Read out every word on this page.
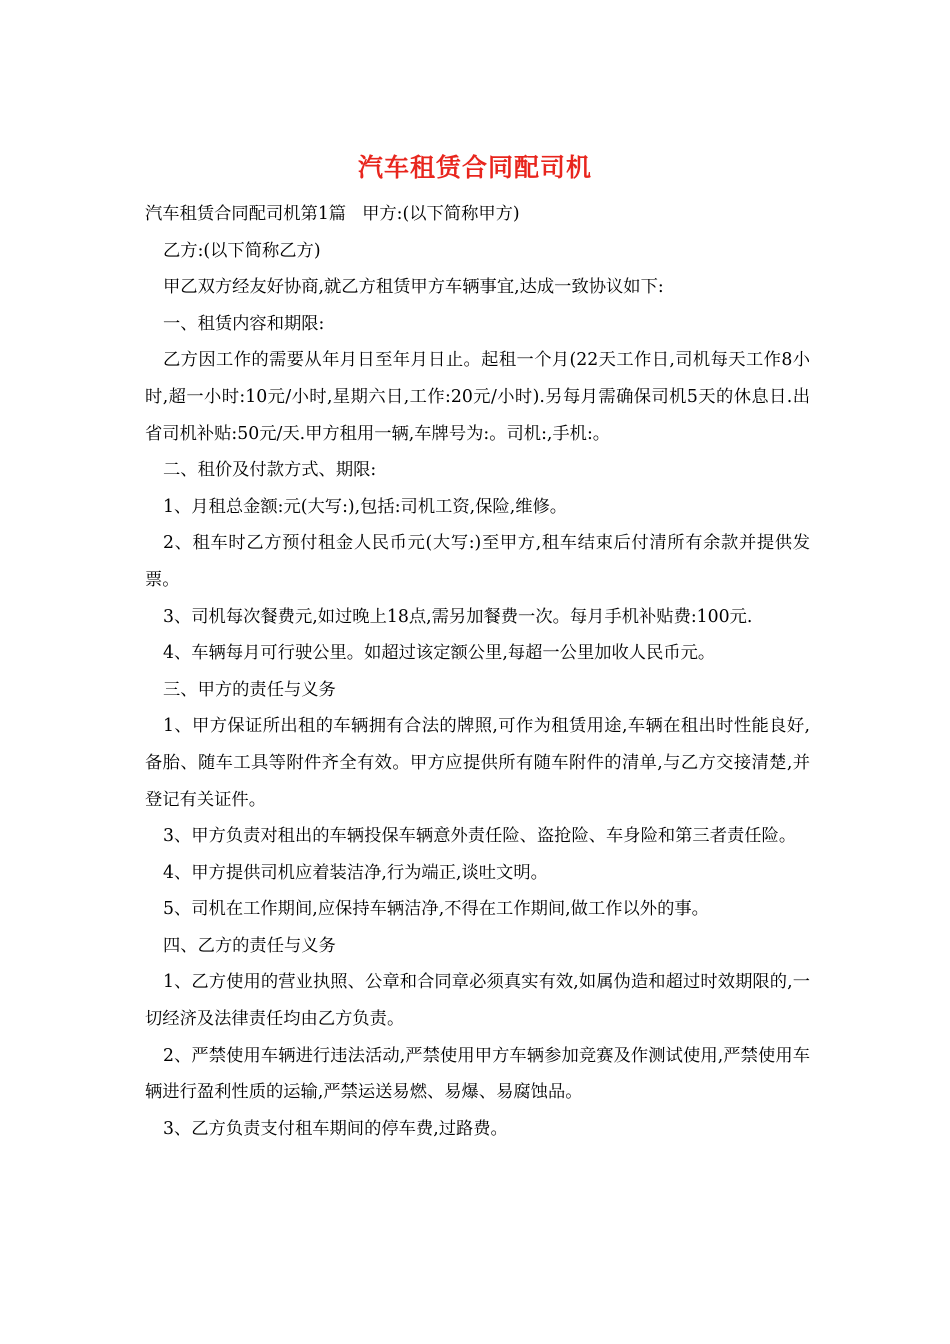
汽车租赁合同配司机

汽车租赁合同配司机第1篇 甲方:(以下简称甲方)

乙方:(以下简称乙方)

甲乙双方经友好协商,就乙方租赁甲方车辆事宜,达成一致协议如下:

一、租赁内容和期限:

乙方因工作的需要从年月日至年月日止。起租一个月(22天工作日,司机每天工作8小时,超一小时:10元/小时,星期六日,工作:20元/小时).另每月需确保司机5天的休息日.出省司机补贴:50元/天.甲方租用一辆,车牌号为:。司机:,手机:。

二、租价及付款方式、期限:

1、月租总金额:元(大写:),包括:司机工资,保险,维修。

2、租车时乙方预付租金人民币元(大写:)至甲方,租车结束后付清所有余款并提供发票。

3、司机每次餐费元,如过晚上18点,需另加餐费一次。每月手机补贴费:100元.

4、车辆每月可行驶公里。如超过该定额公里,每超一公里加收人民币元。

三、甲方的责任与义务

1、甲方保证所出租的车辆拥有合法的牌照,可作为租赁用途,车辆在租出时性能良好,备胎、随车工具等附件齐全有效。甲方应提供所有随车附件的清单,与乙方交接清楚,并登记有关证件。

3、甲方负责对租出的车辆投保车辆意外责任险、盗抢险、车身险和第三者责任险。

4、甲方提供司机应着装洁净,行为端正,谈吐文明。

5、司机在工作期间,应保持车辆洁净,不得在工作期间,做工作以外的事。

四、乙方的责任与义务

1、乙方使用的营业执照、公章和合同章必须真实有效,如属伪造和超过时效期限的,一切经济及法律责任均由乙方负责。

2、严禁使用车辆进行违法活动,严禁使用甲方车辆参加竞赛及作测试使用,严禁使用车辆进行盈利性质的运输,严禁运送易燃、易爆、易腐蚀品。

3、乙方负责支付租车期间的停车费,过路费。
